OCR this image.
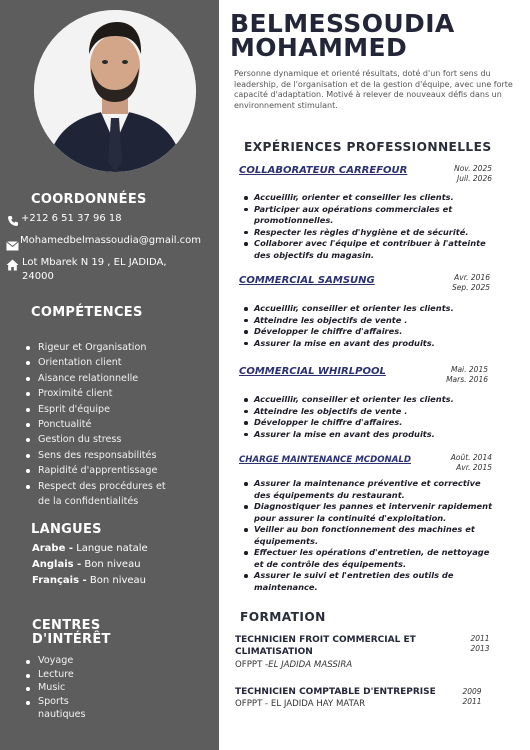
COORDONNÉES
+212 6 51 37 96 18
Mohamedbelmassoudia@gmail.com
Lot Mbarek N 19 , EL JADIDA,
24000
COMPÉTENCES
Rigeur et Organisation
Orientation client
Aisance relationnelle
Proximité client
Esprit d'équipe
Ponctualité
Gestion du stress
Sens des responsabilités
Rapidité d'apprentissage
Respect des procédures et
de la confidentialités
LANGUES
Arabe - Langue natale
Anglais - Bon niveau
Français - Bon niveau
CENTRES
D'INTÉRÊT
Voyage
Lecture
Music
Sports
nautiques
BELMESSOUDIA
MOHAMMED
Personne dynamique et orienté résultats, doté d'un fort sens du leadership, de l'organisation et de la gestion d'équipe, avec une forte capacité d'adaptation. Motivé à relever de nouveaux défis dans un environnement stimulant.
EXPÉRIENCES PROFESSIONNELLES
COLLABORATEUR CARREFOUR	Nov. 2025
Juil. 2026
Accueillir, orienter et conseiller les clients.
Participer aux opérations commerciales et
promotionnelles.
Respecter les règles d'hygiène et de sécurité.
Collaborer avec l'équipe et contribuer à l'atteinte
des objectifs du magasin.
COMMERCIAL SAMSUNG	Avr. 2016
Sep. 2025
Accueillir, conseiller et orienter les clients.
Atteindre les objectifs de vente .
Développer le chiffre d'affaires.
Assurer la mise en avant des produits.
COMMERCIAL WHIRLPOOL	Mai. 2015
Mars. 2016
Accueillir, conseiller et orienter les clients.
Atteindre les objectifs de vente .
Développer le chiffre d'affaires.
Assurer la mise en avant des produits.
CHARGE MAINTENANCE MCDONALD	Août. 2014
Avr. 2015
Assurer la maintenance préventive et corrective
des équipements du restaurant.
Diagnostiquer les pannes et intervenir rapidement
pour assurer la continuité d'exploitation.
Veiller au bon fonctionnement des machines et
équipements.
Effectuer les opérations d'entretien, de nettoyage
et de contrôle des équipements.
Assurer le suivi et l'entretien des outils de
maintenance.
FORMATION
TECHNICIEN FROIT COMMERCIAL ET
CLIMATISATION
OFPPT -EL JADIDA MASSIRA
2011
2013
TECHNICIEN COMPTABLE D'ENTREPRISE
OFPPT - EL JADIDA HAY MATAR
2009
2011
